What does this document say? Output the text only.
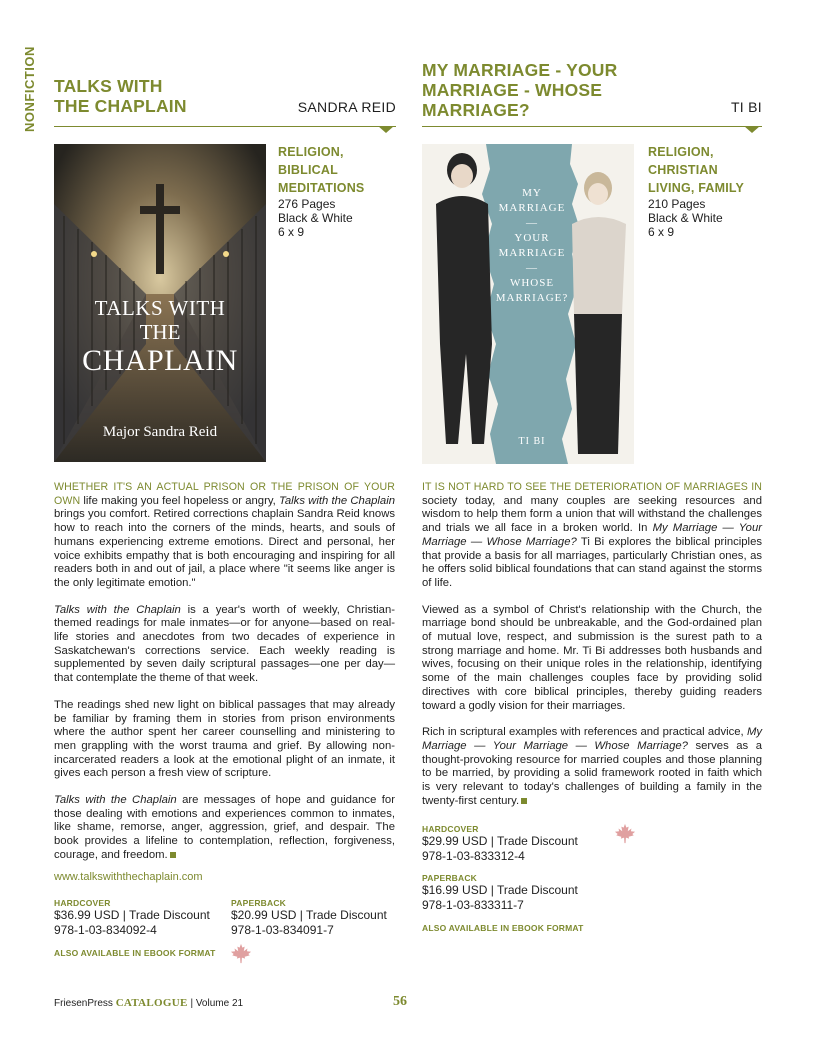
NONFICTION TALKS WITH
THE CHAPLAIN	SANDRA REID
TALKS WITH
THE
CHAPLAIN
Major Sandra Reid
RELIGION, BIBLICAL
MEDITATIONS
276 Pages
Black & White
6 x 9

WHETHER IT'S AN ACTUAL PRISON OR THE PRISON OF YOUR OWN life making you feel hopeless or angry, Talks with the Chaplain brings you comfort. Retired corrections chaplain Sandra Reid knows how to reach into the corners of the minds, hearts, and souls of humans experiencing extreme emotions. Direct and personal, her voice exhibits empathy that is both encouraging and inspiring for all readers both in and out of jail, a place where "it seems like anger is the only legitimate emotion."

Talks with the Chaplain is a year's worth of weekly, Christian-themed readings for male inmates—or for anyone—based on real-life stories and anecdotes from two decades of experience in Saskatchewan's corrections service. Each weekly reading is supplemented by seven daily scriptural passages—one per day—that contemplate the theme of that week.

The readings shed new light on biblical passages that may already be familiar by framing them in stories from prison environments where the author spent her career counselling and ministering to men grappling with the worst trauma and grief. By allowing non-incarcerated readers a look at the emotional plight of an inmate, it gives each person a fresh view of scripture.

Talks with the Chaplain are messages of hope and guidance for those dealing with emotions and experiences common to inmates, like shame, remorse, anger, aggression, grief, and despair. The book provides a lifeline to contemplation, reflection, forgiveness, courage, and freedom.

www.talkswiththechaplain.com
HARDCOVER
$36.99 USD | Trade Discount
978-1-03-834092-4
PAPERBACK
$20.99 USD | Trade Discount
978-1-03-834091-7
ALSO AVAILABLE IN EBOOK FORMAT
MY MARRIAGE - YOUR
MARRIAGE - WHOSE
MARRIAGE?	TI BI
MY
MARRIAGE
—
YOUR
MARRIAGE
—
WHOSE
MARRIAGE?
TI BI
RELIGION, CHRISTIAN
LIVING, FAMILY
210 Pages
Black & White
6 x 9

IT IS NOT HARD TO SEE THE DETERIORATION OF MARRIAGES IN society today, and many couples are seeking resources and wisdom to help them form a union that will withstand the challenges and trials we all face in a broken world. In My Marriage — Your Marriage — Whose Marriage? Ti Bi explores the biblical principles that provide a basis for all marriages, particularly Christian ones, as he offers solid biblical foundations that can stand against the storms of life.

Viewed as a symbol of Christ's relationship with the Church, the marriage bond should be unbreakable, and the God-ordained plan of mutual love, respect, and submission is the surest path to a strong marriage and home. Mr. Ti Bi addresses both husbands and wives, focusing on their unique roles in the relationship, identifying some of the main challenges couples face by providing solid directives with core biblical principles, thereby guiding readers toward a godly vision for their marriages.

Rich in scriptural examples with references and practical advice, My Marriage — Your Marriage — Whose Marriage? serves as a thought-provoking resource for married couples and those planning to be married, by providing a solid framework rooted in faith which is very relevant to today's challenges of building a family in the twenty-first century.

HARDCOVER
$29.99 USD | Trade Discount
978-1-03-833312-4
PAPERBACK
$16.99 USD | Trade Discount
978-1-03-833311-7
ALSO AVAILABLE IN EBOOK FORMAT
FriesenPress CATALOGUE | Volume 21	56
